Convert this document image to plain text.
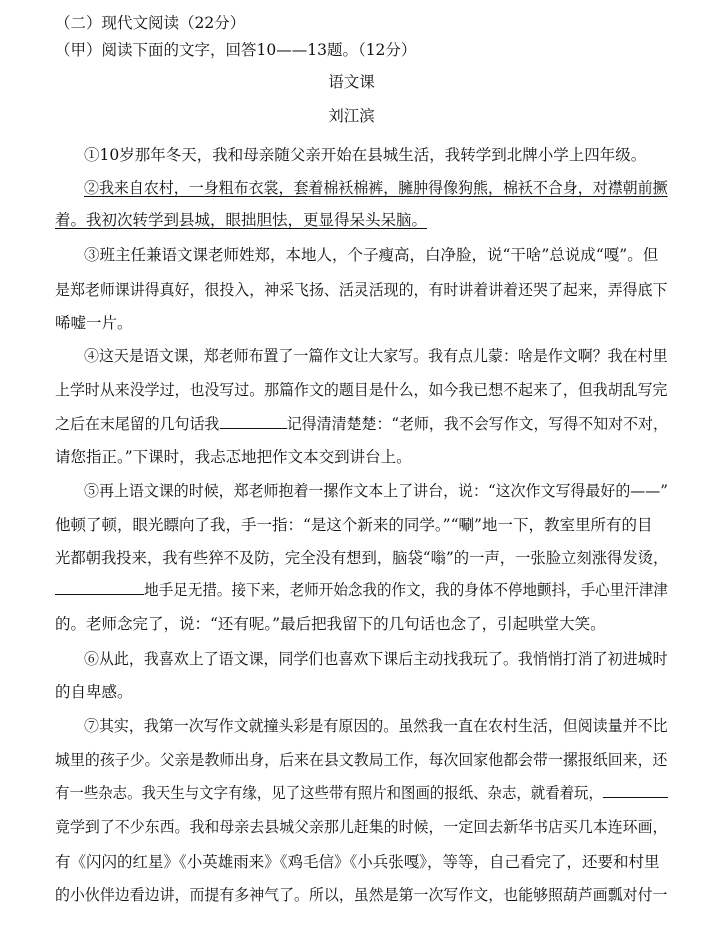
（二）现代文阅读（22分）
（甲）阅读下面的文字，回答10——13题。（12分）
语文课
刘江滨
①10岁那年冬天，我和母亲随父亲开始在县城生活，我转学到北牌小学上四年级。
②我来自农村，一身粗布衣裳，套着棉袄棉裤，臃肿得像狗熊，棉袄不合身，对襟朝前撅
着。我初次转学到县城，眼拙胆怯，更显得呆头呆脑。
③班主任兼语文课老师姓郑，本地人，个子瘦高，白净脸，说“干啥”总说成“嘎”。但
是郑老师课讲得真好，很投入，神采飞扬、活灵活现的，有时讲着讲着还哭了起来，弄得底下
唏嘘一片。
④这天是语文课，郑老师布置了一篇作文让大家写。我有点儿蒙：啥是作文啊？我在村里
上学时从来没学过，也没写过。那篇作文的题目是什么，如今我已想不起来了，但我胡乱写完
之后在末尾留的几句话我	记得清清楚楚：“老师，我不会写作文，写得不知对不对，
请您指正。”下课时，我忐忑地把作文本交到讲台上。
⑤再上语文课的时候，郑老师抱着一摞作文本上了讲台，说：“这次作文写得最好的——”
他顿了顿，眼光瞟向了我，手一指：“是这个新来的同学。”“唰”地一下，教室里所有的目
光都朝我投来，我有些猝不及防，完全没有想到，脑袋“嗡”的一声，一张脸立刻涨得发烫，
地手足无措。接下来，老师开始念我的作文，我的身体不停地颤抖，手心里汗津津
的。老师念完了，说：“还有呢。”最后把我留下的几句话也念了，引起哄堂大笑。
⑥从此，我喜欢上了语文课，同学们也喜欢下课后主动找我玩了。我悄悄打消了初进城时
的自卑感。
⑦其实，我第一次写作文就撞头彩是有原因的。虽然我一直在农村生活，但阅读量并不比
城里的孩子少。父亲是教师出身，后来在县文教局工作，每次回家他都会带一摞报纸回来，还
有一些杂志。我天生与文字有缘，见了这些带有照片和图画的报纸、杂志，就看着玩，
竟学到了不少东西。我和母亲去县城父亲那儿赶集的时候，一定回去新华书店买几本连环画，
有《闪闪的红星》《小英雄雨来》《鸡毛信》《小兵张嘎》，等等，自己看完了，还要和村里
的小伙伴边看边讲，而提有多神气了。所以，虽然是第一次写作文，也能够照葫芦画瓢对付一
